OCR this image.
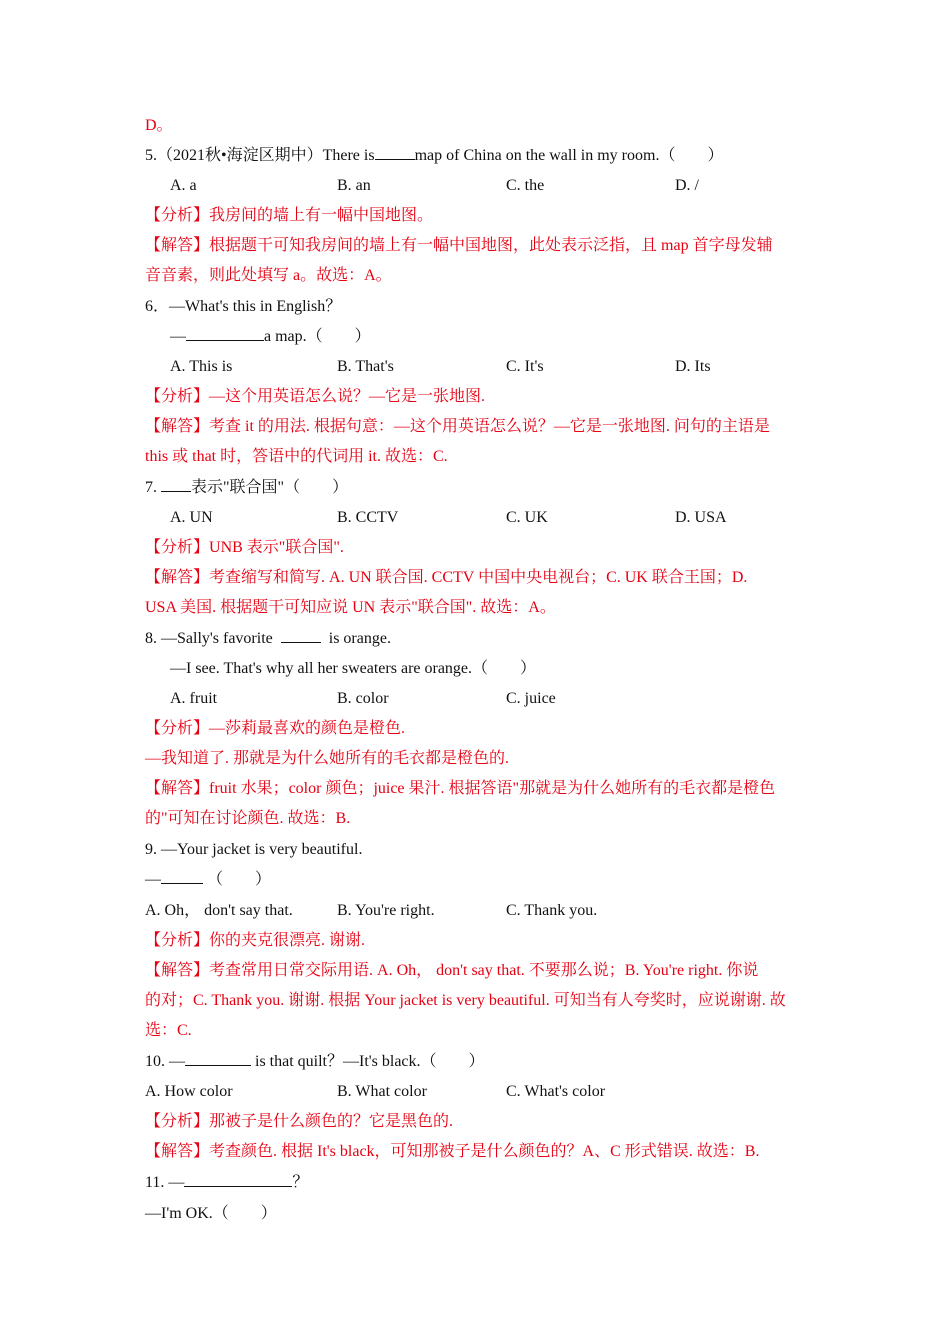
D。
5.（2021秋•海淀区期中）There is	map of China on the wall in my room.（　　）
A. a	B. an	C. the	D. /
【分析】我房间的墙上有一幅中国地图。
【解答】根据题干可知我房间的墙上有一幅中国地图，此处表示泛指，且 map 首字母发辅
音音素，则此处填写 a。故选：A。
6．—What's this in English？
—	a map.（　　）
A. This is	B. That's	C. It's	D. Its
【分析】—这个用英语怎么说？—它是一张地图.
【解答】考查 it 的用法. 根据句意：—这个用英语怎么说？—它是一张地图. 问句的主语是
this 或 that 时，答语中的代词用 it. 故选：C.
7. 表示"联合国"（　　）
A. UN	B. CCTV	C. UK	D. USA
【分析】UNB 表示"联合国".
【解答】考查缩写和简写. A. UN 联合国. CCTV 中国中央电视台；C. UK 联合王国；D.
USA 美国. 根据题干可知应说 UN 表示"联合国". 故选：A。
8. —Sally's favorite	is orange.
—I see. That's why all her sweaters are orange.（　　）
A. fruit	B. color	C. juice
【分析】—莎莉最喜欢的颜色是橙色.
—我知道了. 那就是为什么她所有的毛衣都是橙色的.
【解答】fruit 水果；color 颜色；juice 果汁. 根据答语"那就是为什么她所有的毛衣都是橙色
的"可知在讨论颜色. 故选：B.
9. —Your jacket is very beautiful.
—	（　　）
A. Oh， don't say that.	B. You're right.	C. Thank you.
【分析】你的夹克很漂亮. 谢谢.
【解答】考查常用日常交际用语. A. Oh， don't say that. 不要那么说；B. You're right. 你说
的对；C. Thank you. 谢谢. 根据 Your jacket is very beautiful. 可知当有人夸奖时，应说谢谢. 故
选：C.
10. —	is that quilt？—It's black.（　　）
A. How color	B. What color	C. What's color
【分析】那被子是什么颜色的？它是黑色的.
【解答】考查颜色. 根据 It's black，可知那被子是什么颜色的？A、C 形式错误. 故选：B.
11. —	？
—I'm OK.（　　）
